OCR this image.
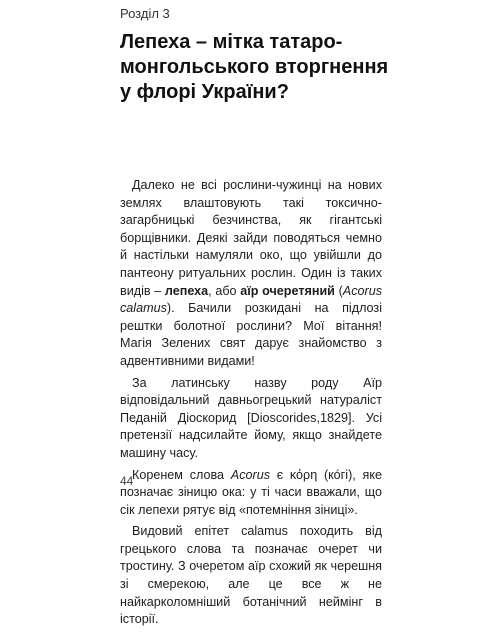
Розділ 3
Лепеха – мітка татаро-
монгольського вторгнення
у флорі України?

Далеко не всі рослини-чужинці на нових землях влаштовують такі токсично-загарбницькі безчинства, як гігантські борщівники. Деякі зайди поводяться чемно й настільки намуляли око, що увійшли до пантеону ритуальних рослин. Один із таких видів – лепеха, або аїр очеретяний (Acorus calamus). Бачили розкидані на підлозі рештки болотної рослини? Мої вітання! Магія Зелених свят дарує знайомство з адвентивними видами!

За латинську назву роду Аїр відповідальний давньогрецький натураліст Педаній Діоскорид [Dioscorides,1829]. Усі претензії надсилайте йому, якщо знайдете машину часу.

Коренем слова Acorus є κόρη (кóгі), яке позначає зіницю ока: у ті часи вважали, що сік лепехи рятує від «потемніння зіниці».

Видовий епітет calamus походить від грецького слова та позначає очерет чи тростину. З очеретом аїр схожий як черешня зі смерекою, але це все ж не найкарколомніший ботанічний неймінг в історії.

44
